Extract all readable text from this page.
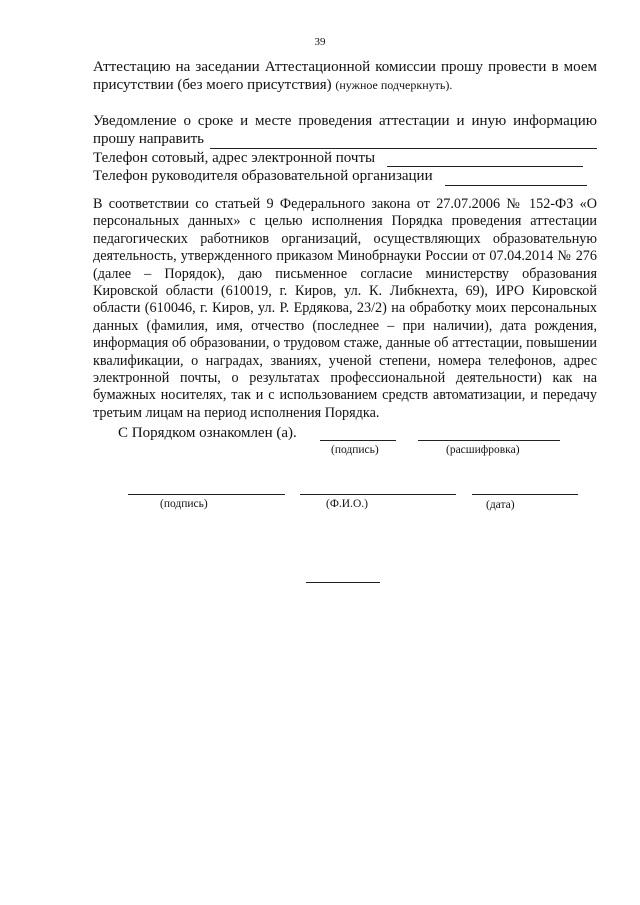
39
Аттестацию на заседании Аттестационной комиссии прошу провести в моем присутствии (без моего присутствия) (нужное подчеркнуть).
Уведомление о сроке и месте проведения аттестации и иную информацию
прошу направить
Телефон сотовый, адрес электронной почты
Телефон руководителя образовательной организации
В соответствии со статьей 9 Федерального закона от 27.07.2006 № 152-ФЗ «О персональных данных» с целью исполнения Порядка проведения аттестации педагогических работников организаций, осуществляющих образовательную деятельность, утвержденного приказом Минобрнауки России от 07.04.2014 № 276 (далее – Порядок), даю письменное согласие министерству образования Кировской области (610019, г. Киров, ул. К. Либкнехта, 69), ИРО Кировской области (610046, г. Киров, ул. Р. Ердякова, 23/2) на обработку моих персональных данных (фамилия, имя, отчество (последнее – при наличии), дата рождения, информация об образовании, о трудовом стаже, данные об аттестации, повышении квалификации, о наградах, званиях, ученой степени, номера телефонов, адрес электронной почты, о результатах профессиональной деятельности) как на бумажных носителях, так и с использованием средств автоматизации, и передачу третьим лицам на период исполнения Порядка.
С Порядком ознакомлен (а).
(подпись)	(расшифровка)
(подпись)	(Ф.И.О.)	(дата)
